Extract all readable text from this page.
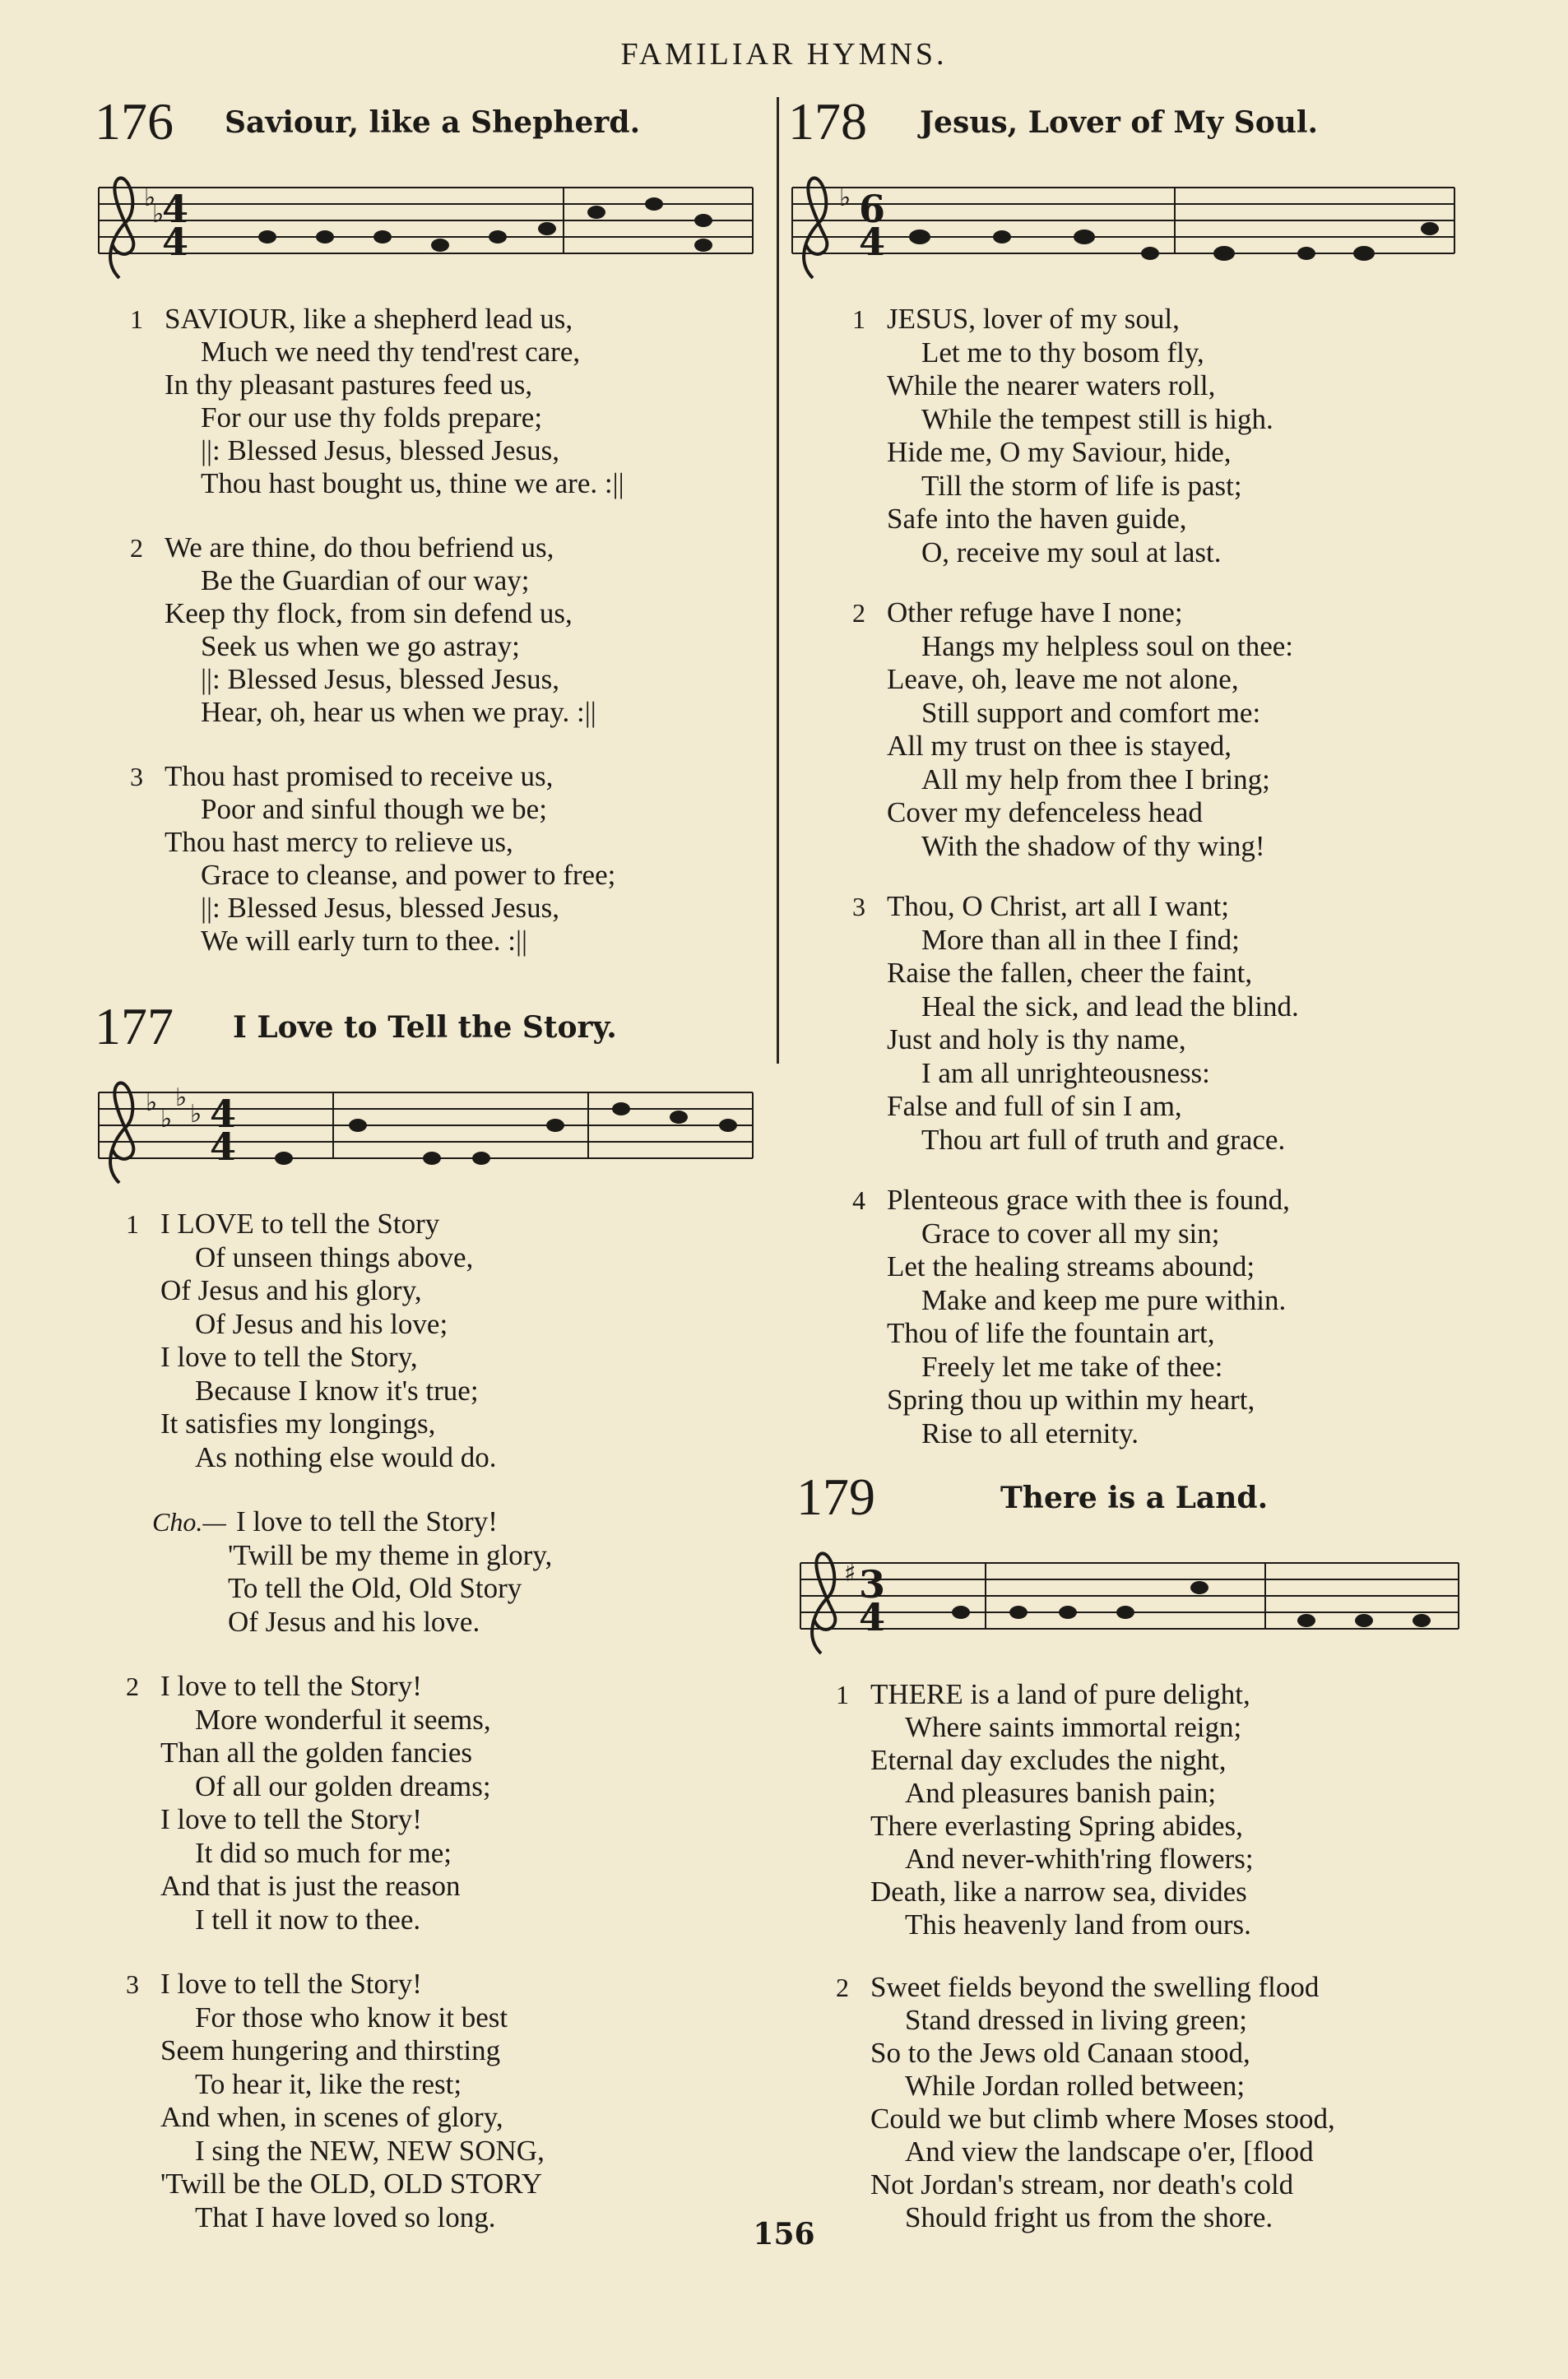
FAMILIAR HYMNS.
176 Saviour, like a Shepherd.
4
4
♭
♭
1 SAVIOUR, like a shepherd lead us,
Much we need thy tend'rest care,
In thy pleasant pastures feed us,
For our use thy folds prepare;
||: Blessed Jesus, blessed Jesus,
Thou hast bought us, thine we are. :||
2 We are thine, do thou befriend us,
Be the Guardian of our way;
Keep thy flock, from sin defend us,
Seek us when we go astray;
||: Blessed Jesus, blessed Jesus,
Hear, oh, hear us when we pray. :||
3 Thou hast promised to receive us,
Poor and sinful though we be;
Thou hast mercy to relieve us,
Grace to cleanse, and power to free;
||: Blessed Jesus, blessed Jesus,
We will early turn to thee. :||
177 I Love to Tell the Story.
4
4
♭
♭
♭
♭
1 I LOVE to tell the Story
Of unseen things above,
Of Jesus and his glory,
Of Jesus and his love;
I love to tell the Story,
Because I know it's true;
It satisfies my longings,
As nothing else would do.
Cho.— I love to tell the Story!
'Twill be my theme in glory,
To tell the Old, Old Story
Of Jesus and his love.
2 I love to tell the Story!
More wonderful it seems,
Than all the golden fancies
Of all our golden dreams;
I love to tell the Story!
It did so much for me;
And that is just the reason
I tell it now to thee.
3 I love to tell the Story!
For those who know it best
Seem hungering and thirsting
To hear it, like the rest;
And when, in scenes of glory,
I sing the NEW, NEW SONG,
'Twill be the OLD, OLD STORY
That I have loved so long.
178 Jesus, Lover of My Soul.
6
4
♭
1 JESUS, lover of my soul,
Let me to thy bosom fly,
While the nearer waters roll,
While the tempest still is high.
Hide me, O my Saviour, hide,
Till the storm of life is past;
Safe into the haven guide,
O, receive my soul at last.
2 Other refuge have I none;
Hangs my helpless soul on thee:
Leave, oh, leave me not alone,
Still support and comfort me:
All my trust on thee is stayed,
All my help from thee I bring;
Cover my defenceless head
With the shadow of thy wing!
3 Thou, O Christ, art all I want;
More than all in thee I find;
Raise the fallen, cheer the faint,
Heal the sick, and lead the blind.
Just and holy is thy name,
I am all unrighteousness:
False and full of sin I am,
Thou art full of truth and grace.
4 Plenteous grace with thee is found,
Grace to cover all my sin;
Let the healing streams abound;
Make and keep me pure within.
Thou of life the fountain art,
Freely let me take of thee:
Spring thou up within my heart,
Rise to all eternity.
179	There is a Land.
3
4
♯
1 THERE is a land of pure delight,
Where saints immortal reign;
Eternal day excludes the night,
And pleasures banish pain;
There everlasting Spring abides,
And never-whith'ring flowers;
Death, like a narrow sea, divides
This heavenly land from ours.
2 Sweet fields beyond the swelling flood
Stand dressed in living green;
So to the Jews old Canaan stood,
While Jordan rolled between;
Could we but climb where Moses stood,
And view the landscape o'er, [flood
Not Jordan's stream, nor death's cold
Should fright us from the shore.
156
